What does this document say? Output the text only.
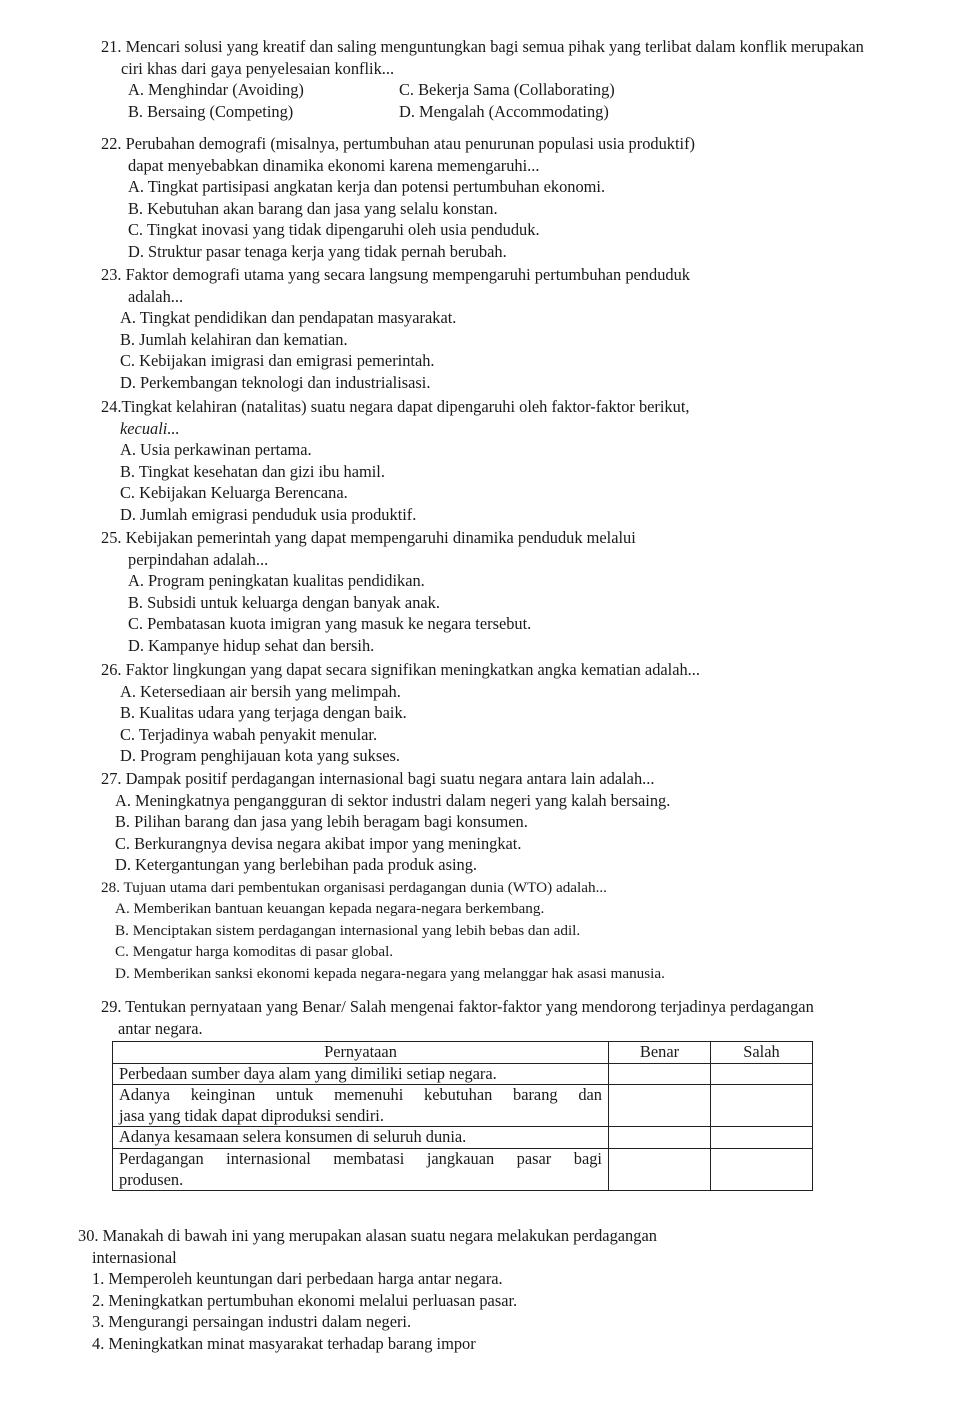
21. Mencari solusi yang kreatif dan saling menguntungkan bagi semua pihak yang terlibat dalam konflik merupakan
ciri khas dari gaya penyelesaian konflik...
A. Menghindar (Avoiding)	C. Bekerja Sama (Collaborating)
B. Bersaing (Competing)	D. Mengalah (Accommodating)
22. Perubahan demografi (misalnya, pertumbuhan atau penurunan populasi usia produktif)
dapat menyebabkan dinamika ekonomi karena memengaruhi...
A. Tingkat partisipasi angkatan kerja dan potensi pertumbuhan ekonomi.
B. Kebutuhan akan barang dan jasa yang selalu konstan.
C. Tingkat inovasi yang tidak dipengaruhi oleh usia penduduk.
D. Struktur pasar tenaga kerja yang tidak pernah berubah.
23. Faktor demografi utama yang secara langsung mempengaruhi pertumbuhan penduduk
adalah...
A. Tingkat pendidikan dan pendapatan masyarakat.
B. Jumlah kelahiran dan kematian.
C. Kebijakan imigrasi dan emigrasi pemerintah.
D. Perkembangan teknologi dan industrialisasi.
24.Tingkat kelahiran (natalitas) suatu negara dapat dipengaruhi oleh faktor-faktor berikut,
kecuali...
A. Usia perkawinan pertama.
B. Tingkat kesehatan dan gizi ibu hamil.
C. Kebijakan Keluarga Berencana.
D. Jumlah emigrasi penduduk usia produktif.
25. Kebijakan pemerintah yang dapat mempengaruhi dinamika penduduk melalui
perpindahan adalah...
A. Program peningkatan kualitas pendidikan.
B. Subsidi untuk keluarga dengan banyak anak.
C. Pembatasan kuota imigran yang masuk ke negara tersebut.
D. Kampanye hidup sehat dan bersih.
26. Faktor lingkungan yang dapat secara signifikan meningkatkan angka kematian adalah...
A. Ketersediaan air bersih yang melimpah.
B. Kualitas udara yang terjaga dengan baik.
C. Terjadinya wabah penyakit menular.
D. Program penghijauan kota yang sukses.
27. Dampak positif perdagangan internasional bagi suatu negara antara lain adalah...
A. Meningkatnya pengangguran di sektor industri dalam negeri yang kalah bersaing.
B. Pilihan barang dan jasa yang lebih beragam bagi konsumen.
C. Berkurangnya devisa negara akibat impor yang meningkat.
D. Ketergantungan yang berlebihan pada produk asing.
28. Tujuan utama dari pembentukan organisasi perdagangan dunia (WTO) adalah...
A. Memberikan bantuan keuangan kepada negara-negara berkembang.
B. Menciptakan sistem perdagangan internasional yang lebih bebas dan adil.
C. Mengatur harga komoditas di pasar global.
D. Memberikan sanksi ekonomi kepada negara-negara yang melanggar hak asasi manusia.
29. Tentukan pernyataan yang Benar/ Salah mengenai faktor-faktor yang mendorong terjadinya perdagangan
antar negara.
Pernyataan	Benar	Salah
Perbedaan sumber daya alam yang dimiliki setiap negara.		

Adanya keinginan untuk memenuhi kebutuhan barang dan
jasa yang tidak dapat diproduksi sendiri.		

Adanya kesamaan selera konsumen di seluruh dunia.		

Perdagangan internasional membatasi jangkauan pasar bagi
produsen.		

30. Manakah di bawah ini yang merupakan alasan suatu negara melakukan perdagangan
internasional
1. Memperoleh keuntungan dari perbedaan harga antar negara.
2. Meningkatkan pertumbuhan ekonomi melalui perluasan pasar.
3. Mengurangi persaingan industri dalam negeri.
4. Meningkatkan minat masyarakat terhadap barang impor
